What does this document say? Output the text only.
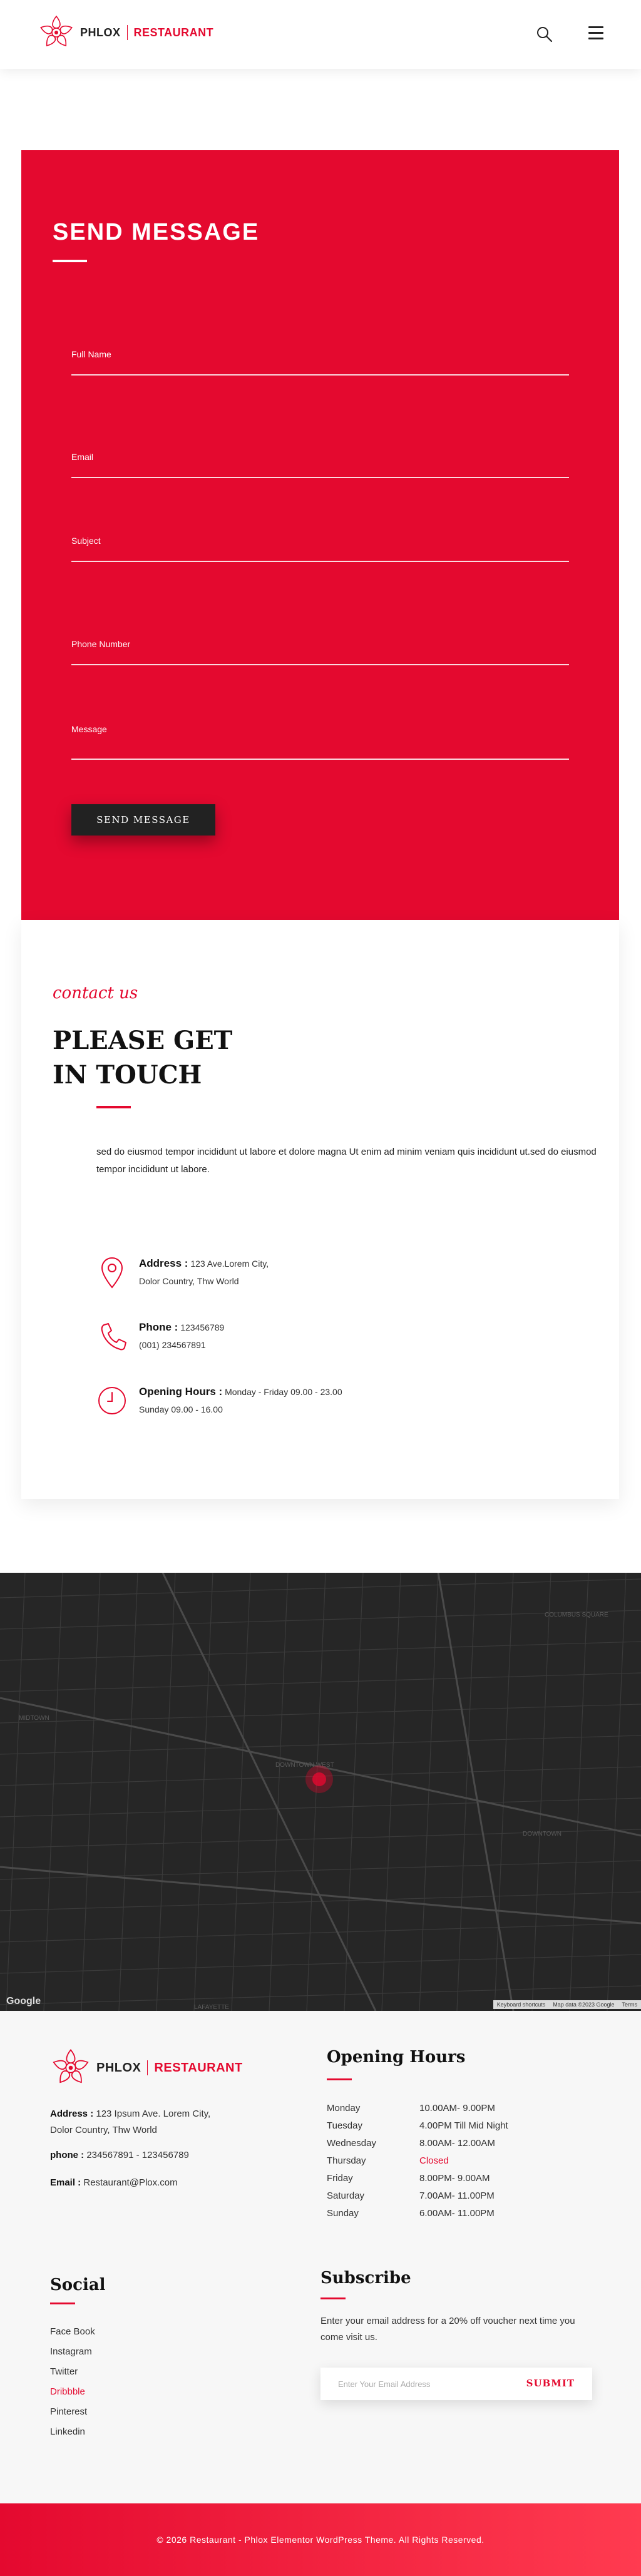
PHLOX RESTAURANT
SEND MESSAGE
Full Name
Email
Subject
Phone Number
Message
SEND MESSAGE
contact us
PLEASE GET
IN TOUCH
sed do eiusmod tempor incididunt ut labore et dolore magna Ut enim ad minim veniam quis incididunt ut.sed do eiusmod tempor incididunt ut labore.
Address : 123 Ave.Lorem City,
Dolor Country, Thw World
Phone : 123456789
(001) 234567891
Opening Hours : Monday - Friday 09.00 - 23.00
Sunday 09.00 - 16.00
DOWNTOWN WEST
MIDTOWN
COLUMBUS SQUARE
DOWNTOWN
LAFAYETTE
Google	Keyboard shortcuts	Map data ©2023 Google	Terms
PHLOX RESTAURANT
Address : 123 Ipsum Ave. Lorem City,
Dolor Country, Thw World
phone : 234567891 - 123456789
Email : Restaurant@Plox.com
Opening Hours
Monday	10.00AM- 9.00PM
Tuesday	4.00PM Till Mid Night
Wednesday	8.00AM- 12.00AM
Thursday	Closed
Friday	8.00PM- 9.00AM
Saturday	7.00AM- 11.00PM
Sunday	6.00AM- 11.00PM
Social
Face Book
Instagram
Twitter
Dribbble
Pinterest
Linkedin
Subscribe
Enter your email address for a 20% off voucher next time you come visit us.
Enter Your Email Address
SUBMIT
© 2026 Restaurant - Phlox Elementor WordPress Theme. All Rights Reserved.
